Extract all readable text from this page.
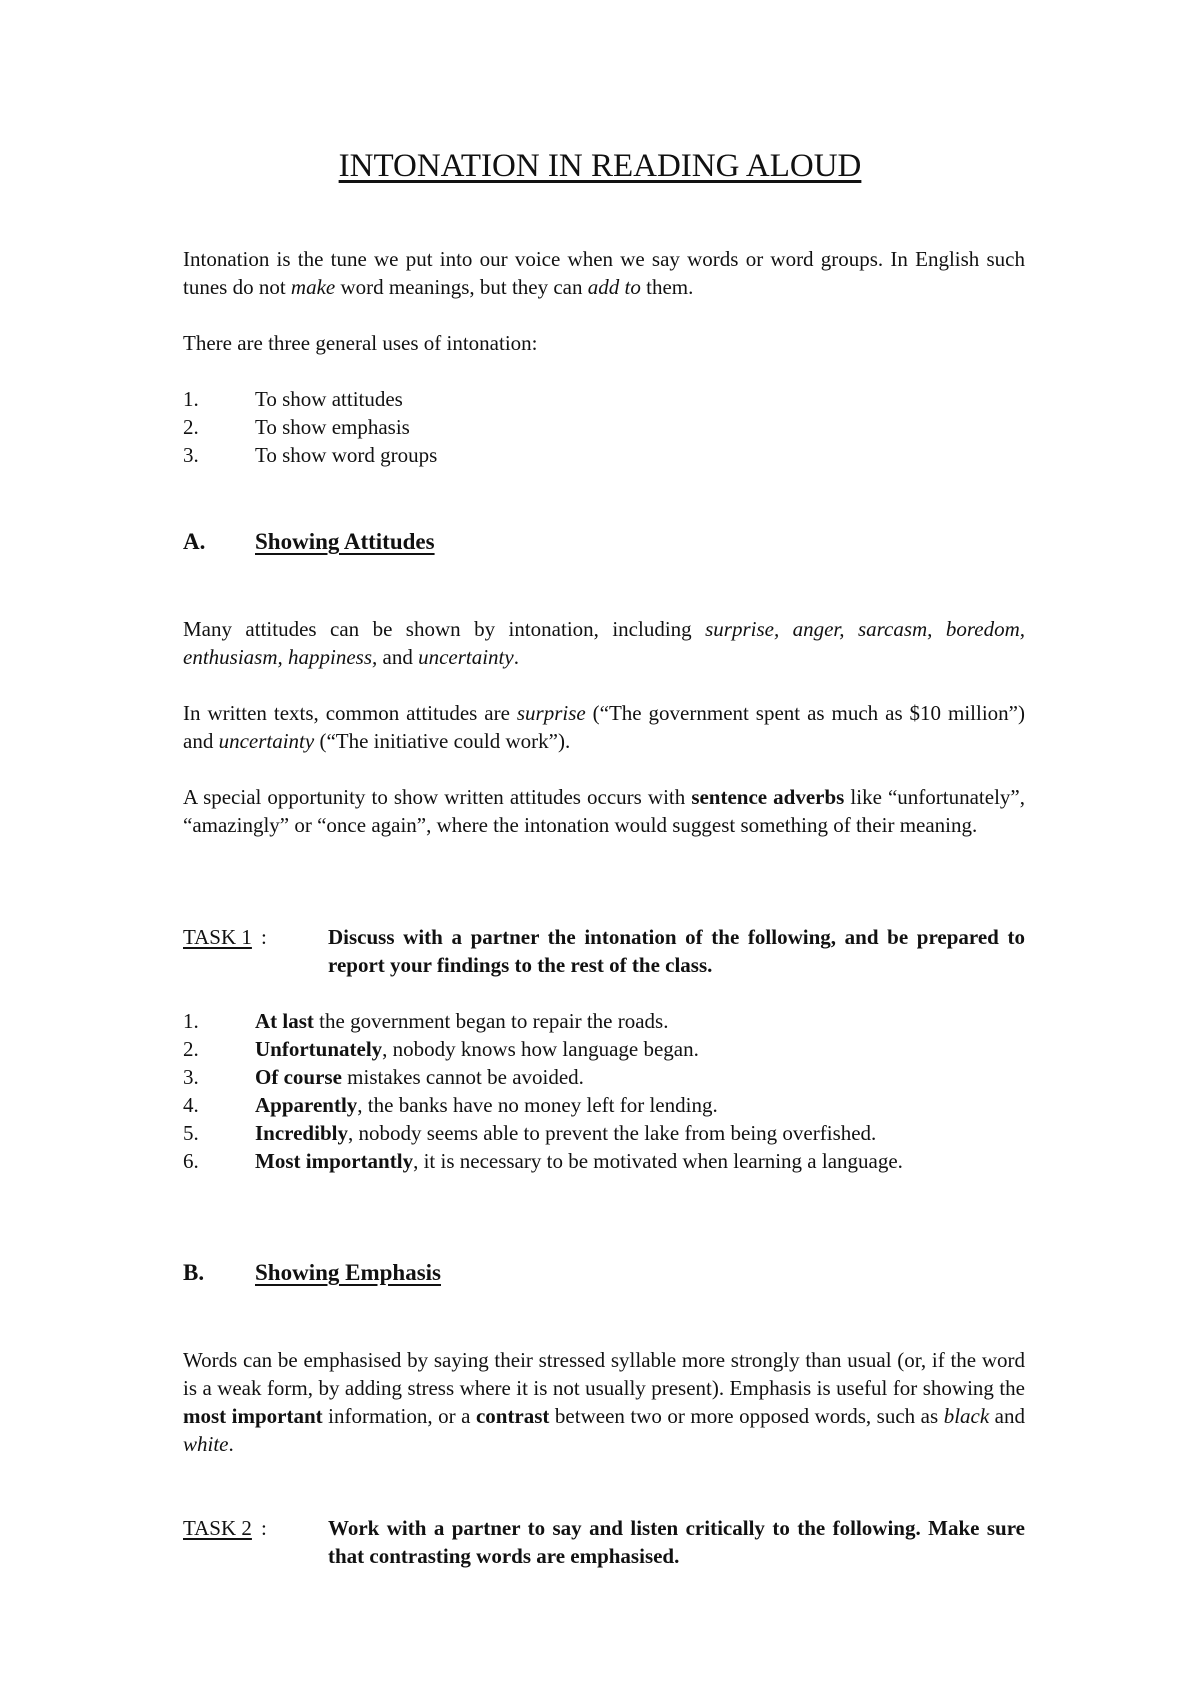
INTONATION IN READING ALOUD
Intonation is the tune we put into our voice when we say words or word groups. In English such tunes do not make word meanings, but they can add to them.
There are three general uses of intonation:
1.	To show attitudes
2.	To show emphasis
3.	To show word groups
A. Showing Attitudes
Many attitudes can be shown by intonation, including surprise, anger, sarcasm, boredom, enthusiasm, happiness, and uncertainty.
In written texts, common attitudes are surprise (“The government spent as much as $10 million”) and uncertainty (“The initiative could work”).
A special opportunity to show written attitudes occurs with sentence adverbs like “unfortunately”, “amazingly” or “once again”, where the intonation would suggest something of their meaning.
TASK 1 :	Discuss with a partner the intonation of the following, and be prepared to report your findings to the rest of the class.
1.	At last the government began to repair the roads.
2.	Unfortunately, nobody knows how language began.
3.	Of course mistakes cannot be avoided.
4.	Apparently, the banks have no money left for lending.
5.	Incredibly, nobody seems able to prevent the lake from being overfished.
6.	Most importantly, it is necessary to be motivated when learning a language.
B. Showing Emphasis
Words can be emphasised by saying their stressed syllable more strongly than usual (or, if the word is a weak form, by adding stress where it is not usually present). Emphasis is useful for showing the most important information, or a contrast between two or more opposed words, such as black and white.
TASK 2 :	Work with a partner to say and listen critically to the following. Make sure that contrasting words are emphasised.
